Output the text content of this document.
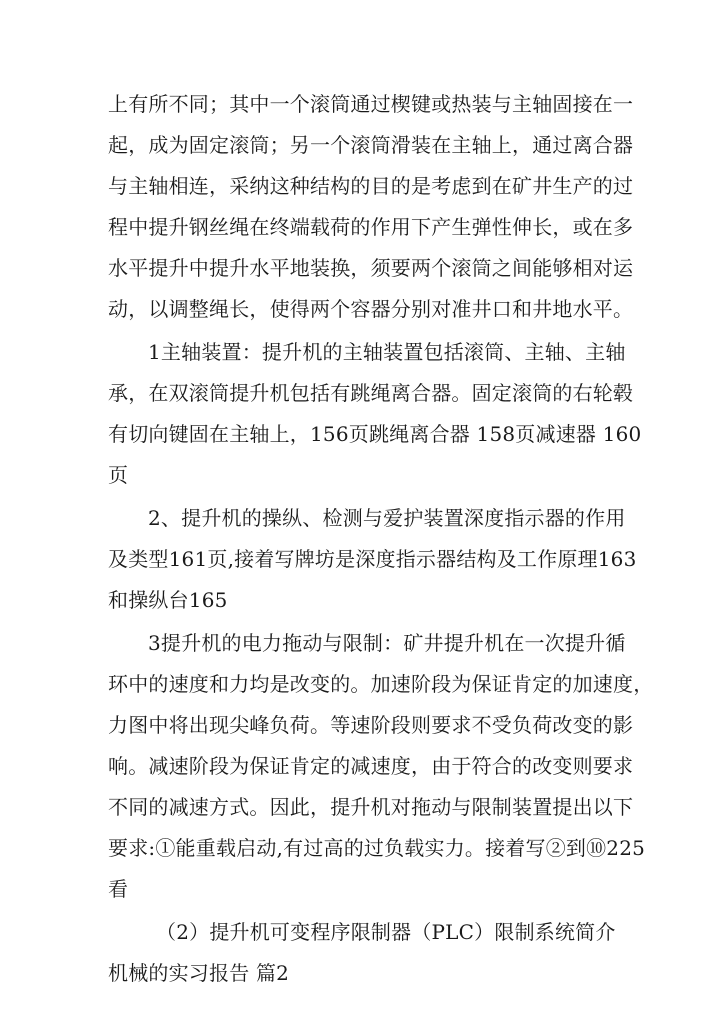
上有所不同；其中一个滚筒通过楔键或热装与主轴固接在一
起，成为固定滚筒；另一个滚筒滑装在主轴上，通过离合器
与主轴相连，采纳这种结构的目的是考虑到在矿井生产的过
程中提升钢丝绳在终端载荷的作用下产生弹性伸长，或在多
水平提升中提升水平地装换，须要两个滚筒之间能够相对运
动，以调整绳长，使得两个容器分别对准井口和井地水平。
1主轴装置：提升机的主轴装置包括滚筒、主轴、主轴
承，在双滚筒提升机包括有跳绳离合器。固定滚筒的右轮毂
有切向键固在主轴上，156页跳绳离合器 158页减速器 160
页
2、提升机的操纵、检测与爱护装置深度指示器的作用
及类型161页,接着写牌坊是深度指示器结构及工作原理163
和操纵台165
3提升机的电力拖动与限制：矿井提升机在一次提升循
环中的速度和力均是改变的。加速阶段为保证肯定的加速度，
力图中将出现尖峰负荷。等速阶段则要求不受负荷改变的影
响。减速阶段为保证肯定的减速度，由于符合的改变则要求
不同的减速方式。因此，提升机对拖动与限制装置提出以下
要求:①能重载启动,有过高的过负载实力。接着写②到⑩225
看
（2）提升机可变程序限制器（PLC）限制系统简介
机械的实习报告 篇2
